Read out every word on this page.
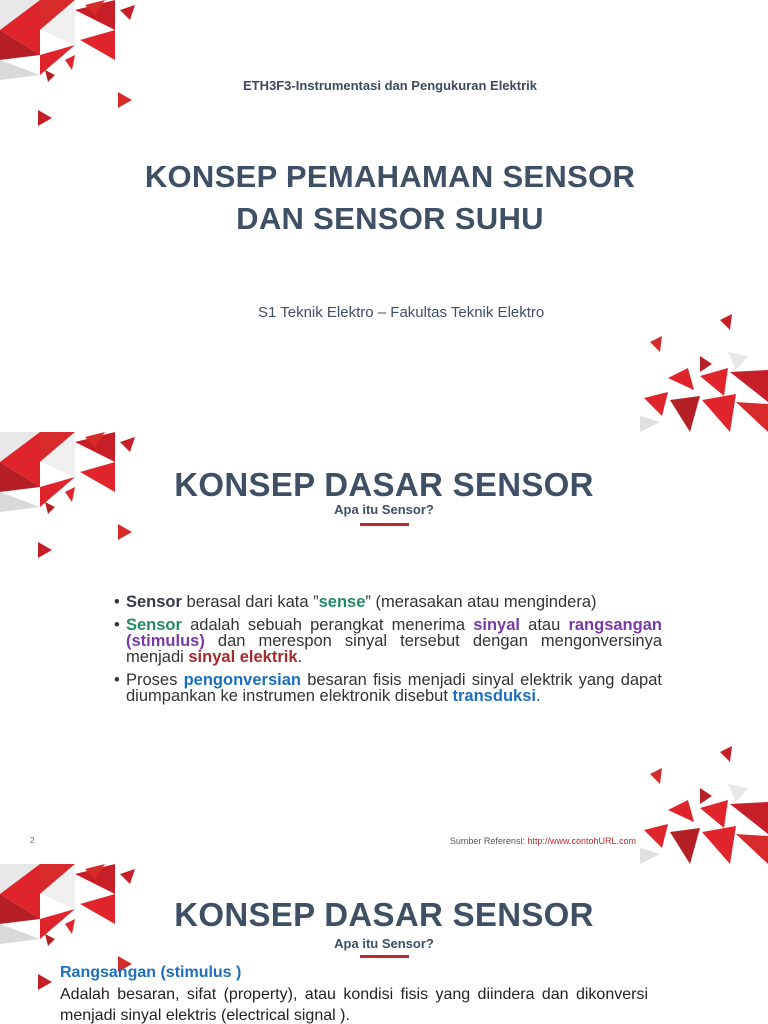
ETH3F3-Instrumentasi dan Pengukuran Elektrik
KONSEP PEMAHAMAN SENSOR
DAN SENSOR SUHU
S1 Teknik Elektro – Fakultas Teknik Elektro
KONSEP DASAR SENSOR
Apa itu Sensor?
• Sensor berasal dari kata ”sense” (merasakan atau mengindera)
• Sensor adalah sebuah perangkat menerima sinyal atau rangsangan (stimulus) dan merespon sinyal tersebut dengan mengonversinya menjadi sinyal elektrik.
• Proses pengonversian besaran fisis menjadi sinyal elektrik yang dapat diumpankan ke instrumen elektronik disebut transduksi.
2	Sumber Referensi: http://www.contohURL.com
KONSEP DASAR SENSOR
Apa itu Sensor?
Rangsangan (stimulus )
Adalah besaran, sifat (property), atau kondisi fisis yang diindera dan dikonversi menjadi sinyal elektris (electrical signal ).
